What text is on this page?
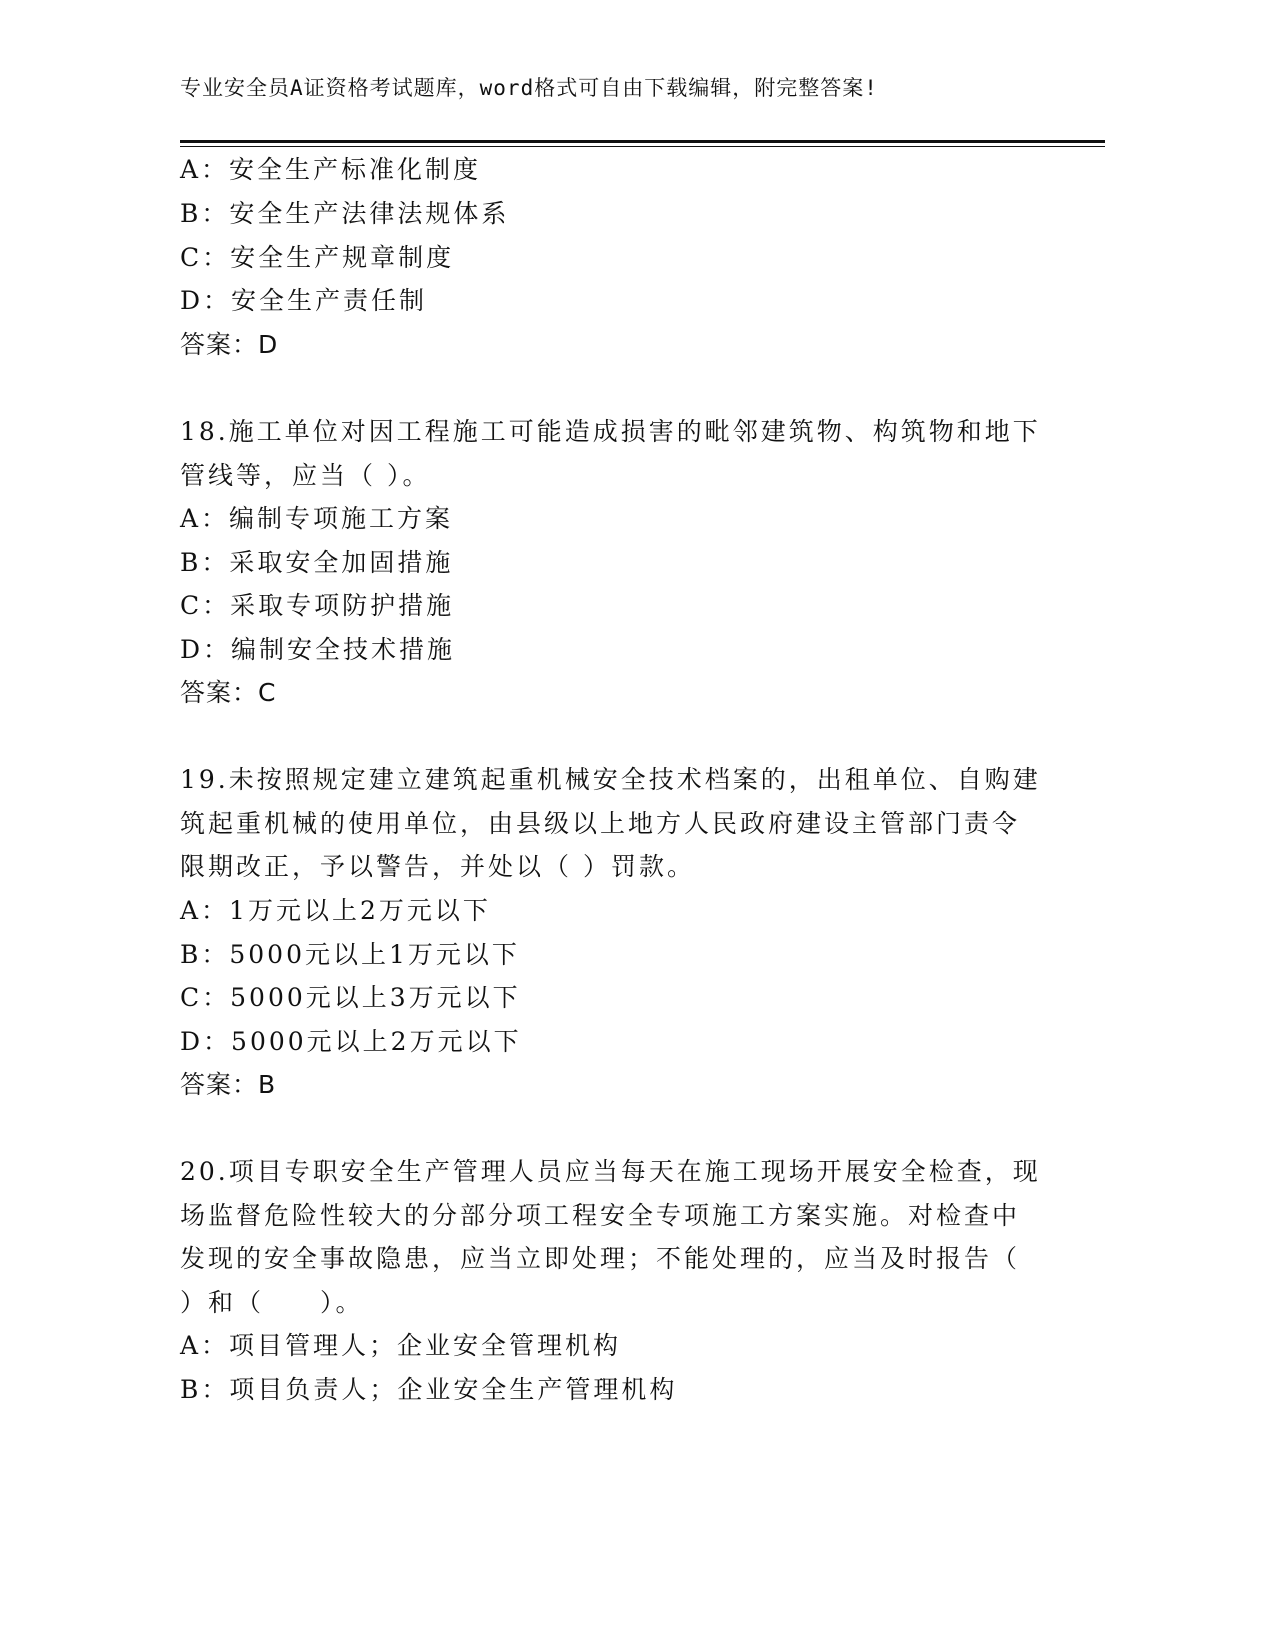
专业安全员A证资格考试题库，word格式可自由下载编辑，附完整答案!
A：安全生产标准化制度
B：安全生产法律法规体系
C：安全生产规章制度
D：安全生产责任制
答案：D
18.施工单位对因工程施工可能造成损害的毗邻建筑物、构筑物和地下
管线等，应当（ ）。
A：编制专项施工方案
B：采取安全加固措施
C：采取专项防护措施
D：编制安全技术措施
答案：C
19.未按照规定建立建筑起重机械安全技术档案的，出租单位、自购建
筑起重机械的使用单位，由县级以上地方人民政府建设主管部门责令
限期改正，予以警告，并处以（ ）罚款。
A：1万元以上2万元以下
B：5000元以上1万元以下
C：5000元以上3万元以下
D：5000元以上2万元以下
答案：B
20.项目专职安全生产管理人员应当每天在施工现场开展安全检查，现
场监督危险性较大的分部分项工程安全专项施工方案实施。对检查中
发现的安全事故隐患，应当立即处理；不能处理的，应当及时报告（
）和（　　）。
A：项目管理人；企业安全管理机构
B：项目负责人；企业安全生产管理机构
